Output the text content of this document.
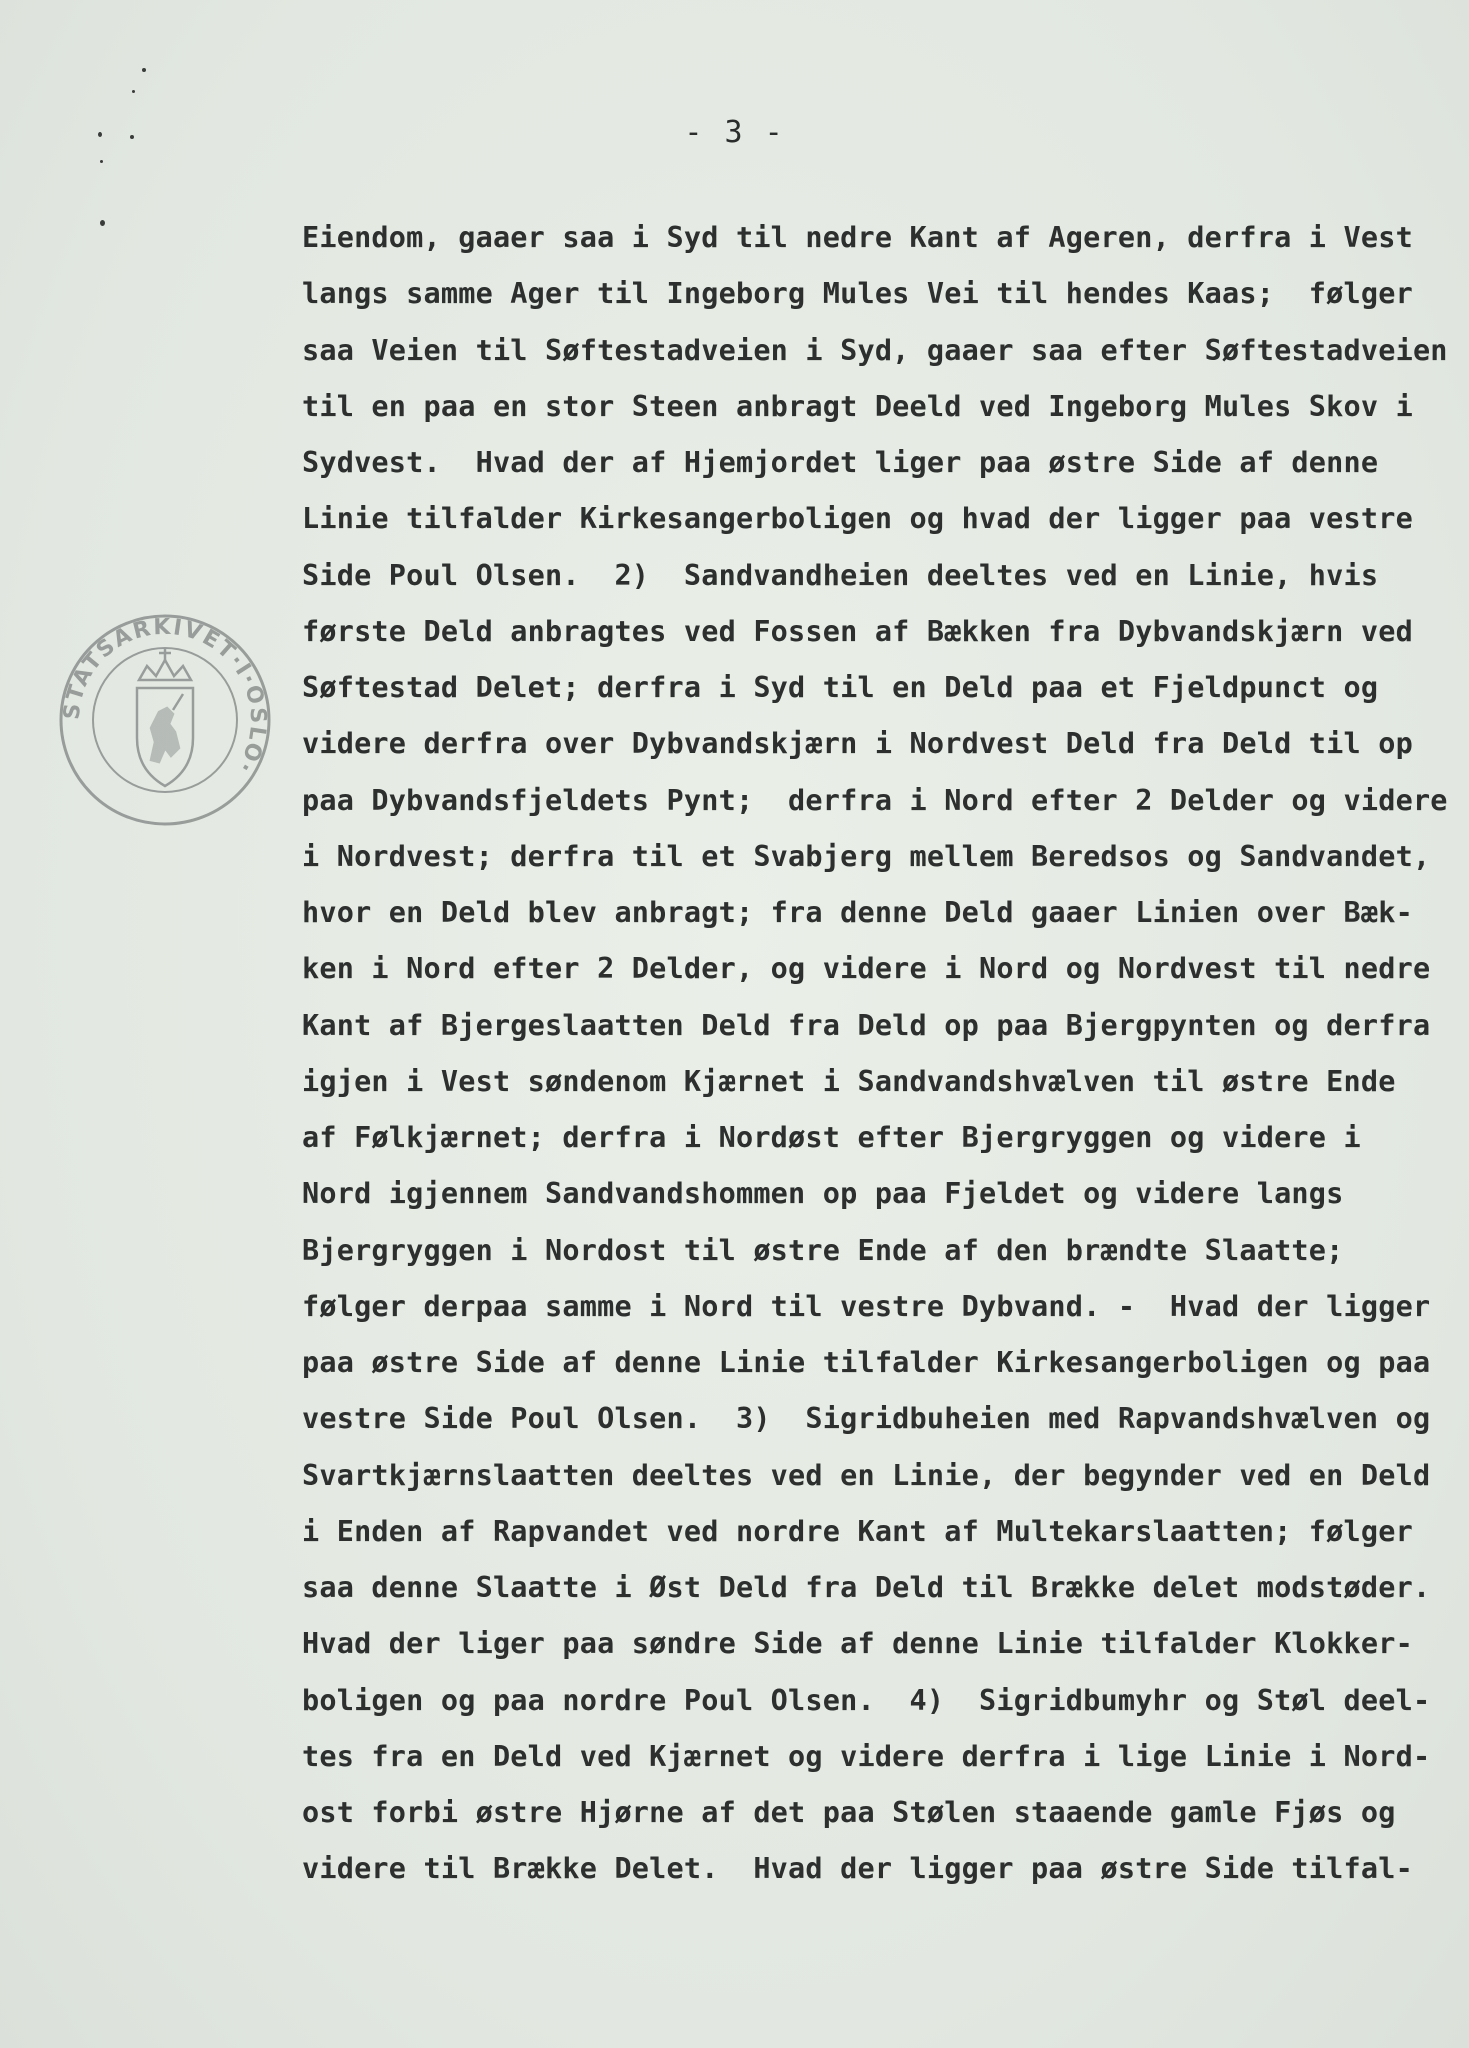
- 3 -
STATSARKIVET·I·OSLO·
Eiendom, gaaer saa i Syd til nedre Kant af Ageren, derfra i Vest
langs samme Ager til Ingeborg Mules Vei til hendes Kaas;  følger
saa Veien til Søftestadveien i Syd, gaaer saa efter Søftestadveien
til en paa en stor Steen anbragt Deeld ved Ingeborg Mules Skov i
Sydvest.  Hvad der af Hjemjordet liger paa østre Side af denne
Linie tilfalder Kirkesangerboligen og hvad der ligger paa vestre
Side Poul Olsen.  2)  Sandvandheien deeltes ved en Linie, hvis
første Deld anbragtes ved Fossen af Bækken fra Dybvandskjærn ved
Søftestad Delet; derfra i Syd til en Deld paa et Fjeldpunct og
videre derfra over Dybvandskjærn i Nordvest Deld fra Deld til op
paa Dybvandsfjeldets Pynt;  derfra i Nord efter 2 Delder og videre
i Nordvest; derfra til et Svabjerg mellem Beredsos og Sandvandet,
hvor en Deld blev anbragt; fra denne Deld gaaer Linien over Bæk-
ken i Nord efter 2 Delder, og videre i Nord og Nordvest til nedre
Kant af Bjergeslaatten Deld fra Deld op paa Bjergpynten og derfra
igjen i Vest søndenom Kjærnet i Sandvandshvælven til østre Ende
af Følkjærnet; derfra i Nordøst efter Bjergryggen og videre i
Nord igjennem Sandvandshommen op paa Fjeldet og videre langs
Bjergryggen i Nordost til østre Ende af den brændte Slaatte;
følger derpaa samme i Nord til vestre Dybvand. -  Hvad der ligger
paa østre Side af denne Linie tilfalder Kirkesangerboligen og paa
vestre Side Poul Olsen.  3)  Sigridbuheien med Rapvandshvælven og
Svartkjærnslaatten deeltes ved en Linie, der begynder ved en Deld
i Enden af Rapvandet ved nordre Kant af Multekarslaatten; følger
saa denne Slaatte i Øst Deld fra Deld til Brække delet modstøder.
Hvad der liger paa søndre Side af denne Linie tilfalder Klokker-
boligen og paa nordre Poul Olsen.  4)  Sigridbumyhr og Støl deel-
tes fra en Deld ved Kjærnet og videre derfra i lige Linie i Nord-
ost forbi østre Hjørne af det paa Stølen staaende gamle Fjøs og
videre til Brække Delet.  Hvad der ligger paa østre Side tilfal-
